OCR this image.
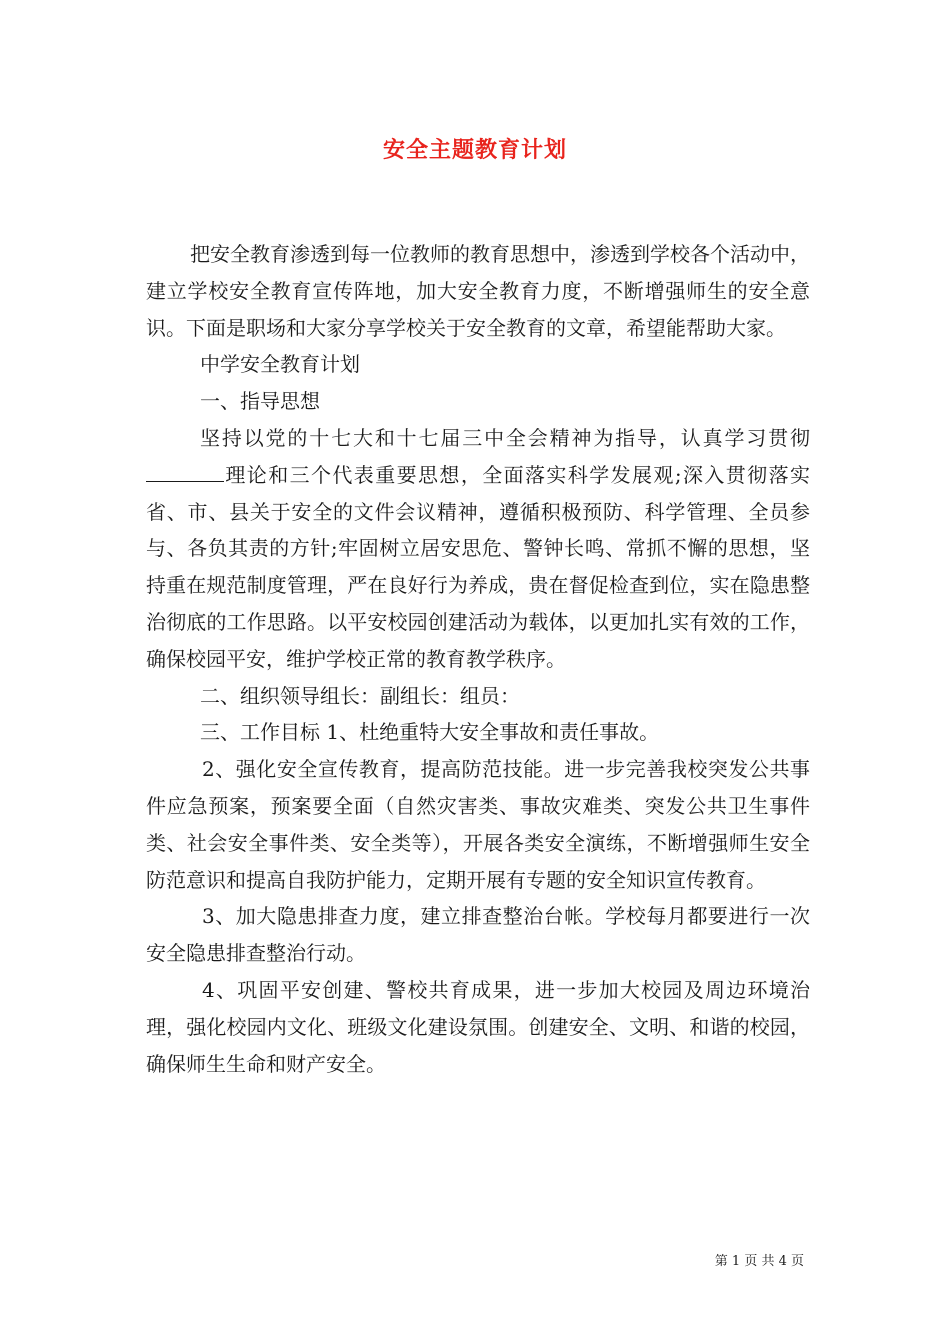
安全主题教育计划

把安全教育渗透到每一位教师的教育思想中，渗透到学校各个活动中，建立学校安全教育宣传阵地，加大安全教育力度，不断增强师生的安全意识。下面是职场和大家分享学校关于安全教育的文章，希望能帮助大家。

中学安全教育计划

一、指导思想

坚持以党的十七大和十七届三中全会精神为指导，认真学习贯彻理论和三个代表重要思想，全面落实科学发展观;深入贯彻落实省、市、县关于安全的文件会议精神，遵循积极预防、科学管理、全员参与、各负其责的方针;牢固树立居安思危、警钟长鸣、常抓不懈的思想，坚持重在规范制度管理，严在良好行为养成，贵在督促检查到位，实在隐患整治彻底的工作思路。以平安校园创建活动为载体，以更加扎实有效的工作，确保校园平安，维护学校正常的教育教学秩序。

二、组织领导组长：副组长：组员：

三、工作目标 1、杜绝重特大安全事故和责任事故。

2、强化安全宣传教育，提高防范技能。进一步完善我校突发公共事件应急预案，预案要全面（自然灾害类、事故灾难类、突发公共卫生事件类、社会安全事件类、安全类等），开展各类安全演练，不断增强师生安全防范意识和提高自我防护能力，定期开展有专题的安全知识宣传教育。

3、加大隐患排查力度，建立排查整治台帐。学校每月都要进行一次安全隐患排查整治行动。

4、巩固平安创建、警校共育成果，进一步加大校园及周边环境治理，强化校园内文化、班级文化建设氛围。创建安全、文明、和谐的校园，确保师生生命和财产安全。

第 1 页 共 4 页
